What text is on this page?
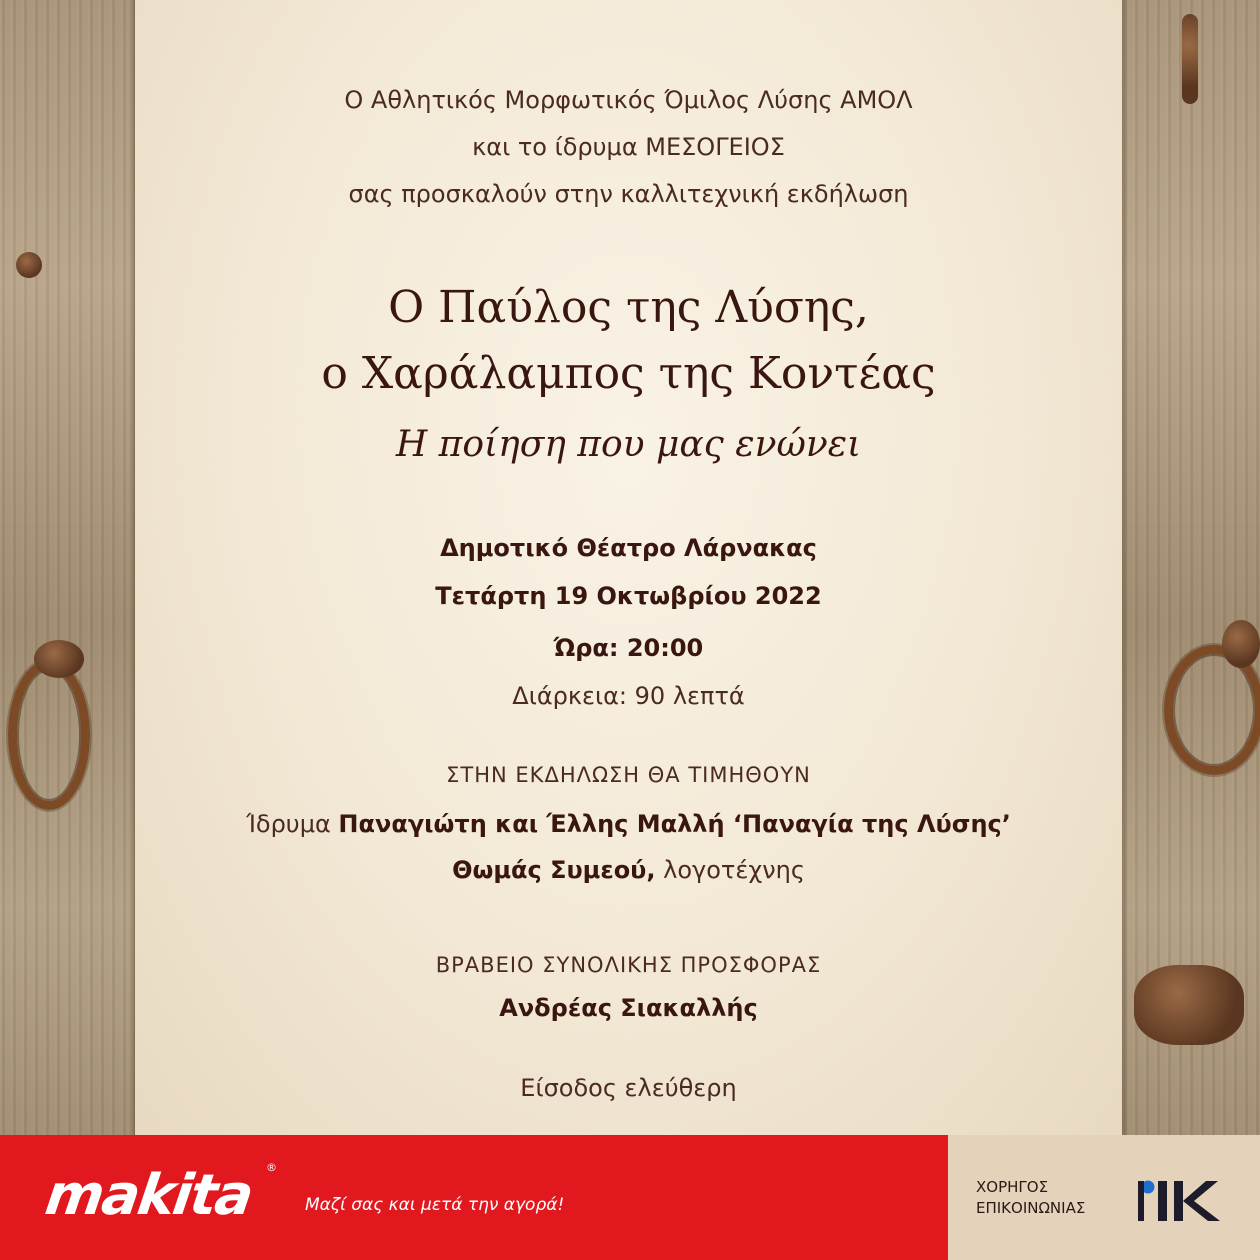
Ο Αθλητικός Μορφωτικός Όμιλος Λύσης ΑΜΟΛ
και το ίδρυμα ΜΕΣΟΓΕΙΟΣ
σας προσκαλούν στην καλλιτεχνική εκδήλωση
Ο Παύλος της Λύσης,
ο Χαράλαμπος της Κοντέας
Η ποίηση που μας ενώνει
Δημοτικό Θέατρο Λάρνακας
Τετάρτη 19 Οκτωβρίου 2022
Ώρα: 20:00
Διάρκεια: 90 λεπτά
ΣΤΗΝ ΕΚΔΗΛΩΣΗ ΘΑ ΤΙΜΗΘΟΥΝ
Ίδρυμα Παναγιώτη και Έλλης Μαλλή ‘Παναγία της Λύσης’
Θωμάς Συμεού, λογοτέχνης
ΒΡΑΒΕΙΟ ΣΥΝΟΛΙΚΗΣ ΠΡΟΣΦΟΡΑΣ
Ανδρέας Σιακαλλής
Είσοδος ελεύθερη
makita ®
Μαζί σας και μετά την αγορά!
ΧΟΡΗΓΟΣ
ΕΠΙΚΟΙΝΩΝΙΑΣ
